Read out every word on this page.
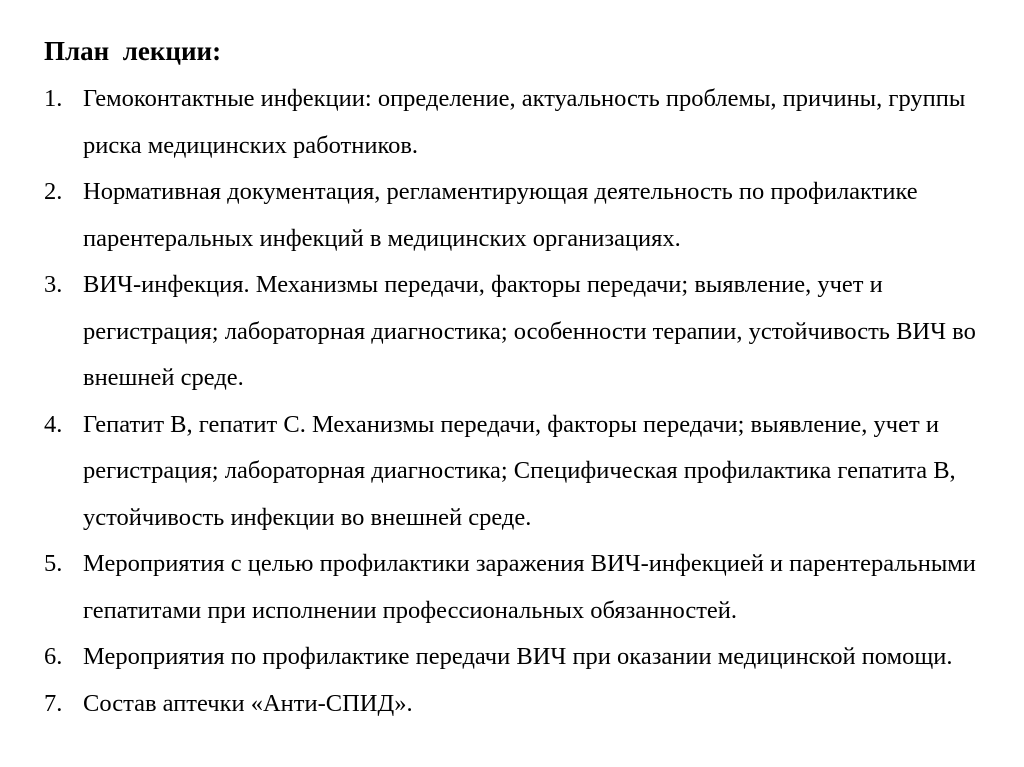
План  лекции:
1. Гемоконтактные инфекции: определение, актуальность проблемы, причины, группы риска медицинских работников.
2. Нормативная документация, регламентирующая деятельность по профилактике парентеральных инфекций в медицинских организациях.
3. ВИЧ-инфекция. Механизмы передачи, факторы передачи; выявление, учет и регистрация; лабораторная диагностика; особенности терапии, устойчивость ВИЧ во внешней среде.
4. Гепатит В, гепатит С. Механизмы передачи, факторы передачи; выявление, учет и регистрация; лабораторная диагностика; Специфическая профилактика гепатита В, устойчивость инфекции во внешней среде.
5. Мероприятия с целью профилактики заражения ВИЧ-инфекцией и парентеральными гепатитами при исполнении профессиональных обязанностей.
6. Мероприятия по профилактике передачи ВИЧ при оказании медицинской помощи.
7. Состав аптечки «Анти-СПИД».
